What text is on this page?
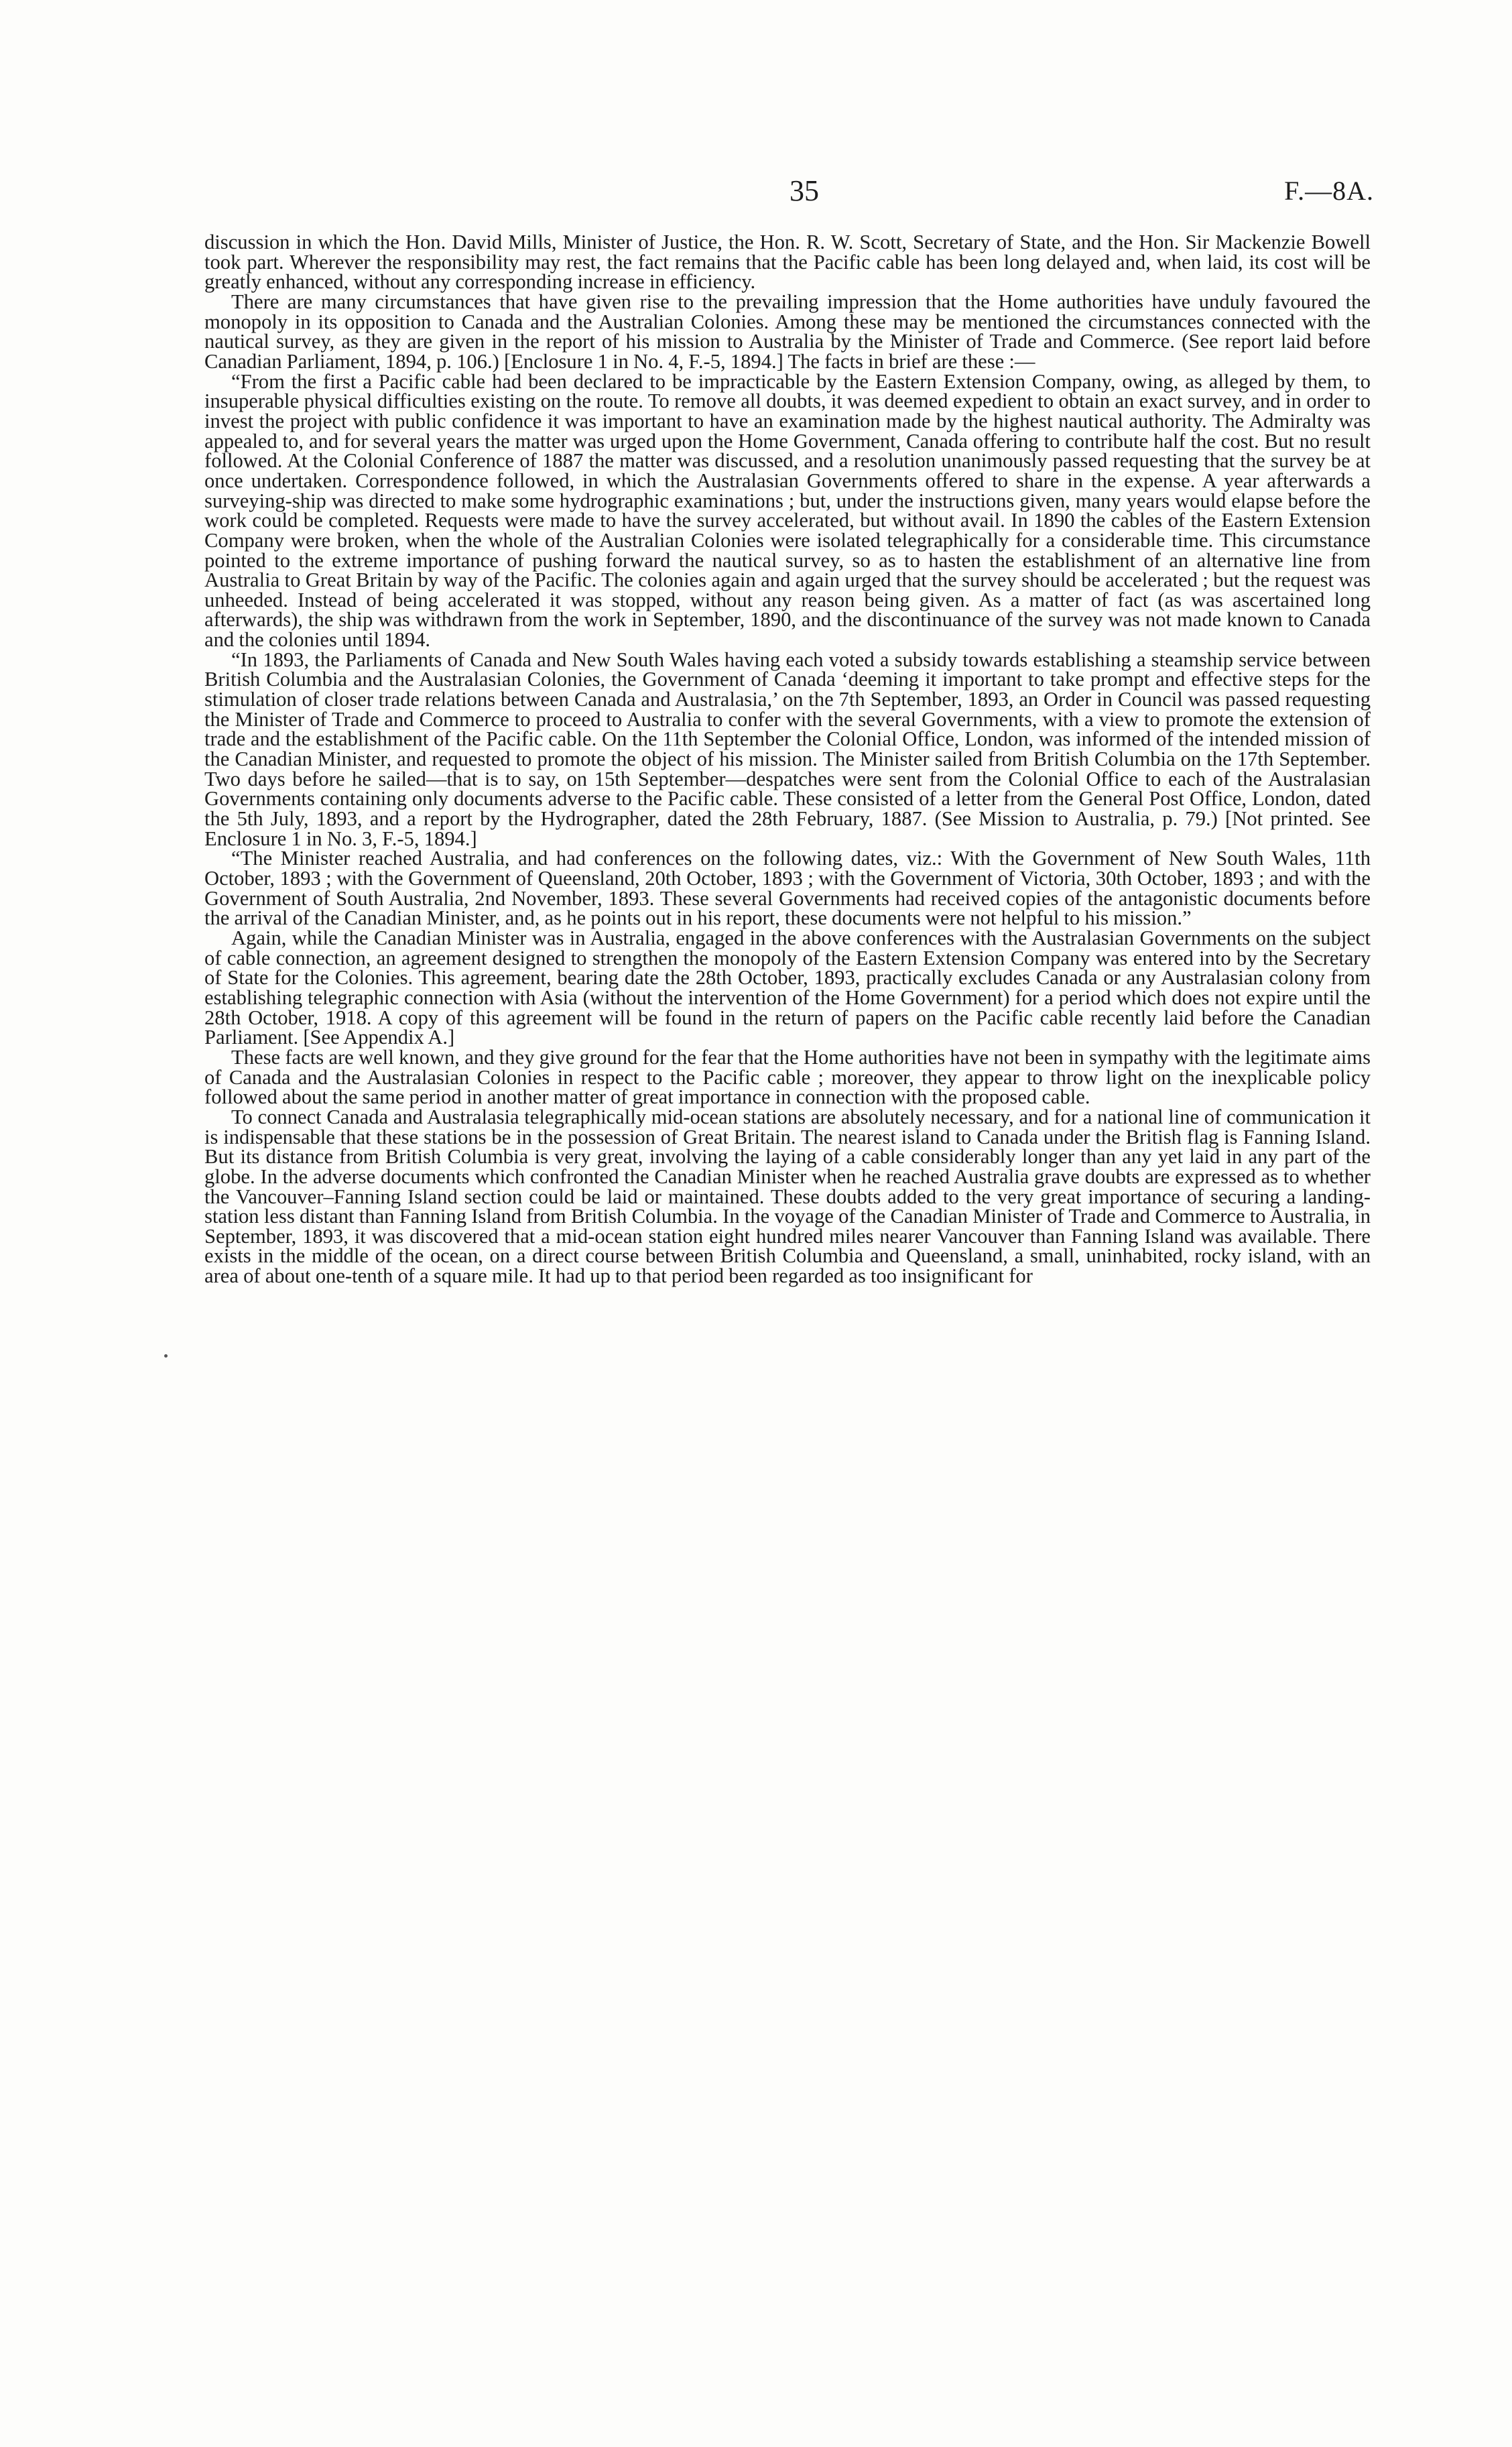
35	F.—8A.

discussion in which the Hon. David Mills, Minister of Justice, the Hon. R. W. Scott, Secretary of State, and the Hon. Sir Mackenzie Bowell took part. Wherever the responsibility may rest, the fact remains that the Pacific cable has been long delayed and, when laid, its cost will be greatly enhanced, without any corresponding increase in efficiency.

There are many circumstances that have given rise to the prevailing impression that the Home authorities have unduly favoured the monopoly in its opposition to Canada and the Australian Colonies. Among these may be mentioned the circumstances connected with the nautical survey, as they are given in the report of his mission to Australia by the Minister of Trade and Commerce. (See report laid before Canadian Parliament, 1894, p. 106.) [Enclosure 1 in No. 4, F.-5, 1894.] The facts in brief are these :—

“From the first a Pacific cable had been declared to be impracticable by the Eastern Extension Company, owing, as alleged by them, to insuperable physical difficulties existing on the route. To remove all doubts, it was deemed expedient to obtain an exact survey, and in order to invest the project with public confidence it was important to have an examination made by the highest nautical authority. The Admiralty was appealed to, and for several years the matter was urged upon the Home Government, Canada offering to contribute half the cost. But no result followed. At the Colonial Conference of 1887 the matter was discussed, and a resolution unanimously passed requesting that the survey be at once undertaken. Correspondence followed, in which the Australasian Governments offered to share in the expense. A year afterwards a surveying-ship was directed to make some hydrographic examinations ; but, under the instructions given, many years would elapse before the work could be completed. Requests were made to have the survey accelerated, but without avail. In 1890 the cables of the Eastern Extension Company were broken, when the whole of the Australian Colonies were isolated telegraphically for a considerable time. This circumstance pointed to the extreme importance of pushing forward the nautical survey, so as to hasten the establishment of an alternative line from Australia to Great Britain by way of the Pacific. The colonies again and again urged that the survey should be accelerated ; but the request was unheeded. Instead of being accelerated it was stopped, without any reason being given. As a matter of fact (as was ascertained long afterwards), the ship was withdrawn from the work in September, 1890, and the discontinuance of the survey was not made known to Canada and the colonies until 1894.

“In 1893, the Parliaments of Canada and New South Wales having each voted a subsidy towards establishing a steamship service between British Columbia and the Australasian Colonies, the Government of Canada ‘deeming it important to take prompt and effective steps for the stimulation of closer trade relations between Canada and Australasia,’ on the 7th September, 1893, an Order in Council was passed requesting the Minister of Trade and Commerce to proceed to Australia to confer with the several Governments, with a view to promote the extension of trade and the establishment of the Pacific cable. On the 11th September the Colonial Office, London, was informed of the intended mission of the Canadian Minister, and requested to promote the object of his mission. The Minister sailed from British Columbia on the 17th September. Two days before he sailed—that is to say, on 15th September—despatches were sent from the Colonial Office to each of the Australasian Governments containing only documents adverse to the Pacific cable. These consisted of a letter from the General Post Office, London, dated the 5th July, 1893, and a report by the Hydrographer, dated the 28th February, 1887. (See Mission to Australia, p. 79.) [Not printed. See Enclosure 1 in No. 3, F.-5, 1894.]

“The Minister reached Australia, and had conferences on the following dates, viz.: With the Government of New South Wales, 11th October, 1893 ; with the Government of Queensland, 20th October, 1893 ; with the Government of Victoria, 30th October, 1893 ; and with the Government of South Australia, 2nd November, 1893. These several Governments had received copies of the antagonistic documents before the arrival of the Canadian Minister, and, as he points out in his report, these documents were not helpful to his mission.”

Again, while the Canadian Minister was in Australia, engaged in the above conferences with the Australasian Governments on the subject of cable connection, an agreement designed to strengthen the monopoly of the Eastern Extension Company was entered into by the Secretary of State for the Colonies. This agreement, bearing date the 28th October, 1893, practically excludes Canada or any Australasian colony from establishing telegraphic connection with Asia (without the intervention of the Home Government) for a period which does not expire until the 28th October, 1918. A copy of this agreement will be found in the return of papers on the Pacific cable recently laid before the Canadian Parliament. [See Appendix A.]

These facts are well known, and they give ground for the fear that the Home authorities have not been in sympathy with the legitimate aims of Canada and the Australasian Colonies in respect to the Pacific cable ; moreover, they appear to throw light on the inexplicable policy followed about the same period in another matter of great importance in connection with the proposed cable.

To connect Canada and Australasia telegraphically mid-ocean stations are absolutely necessary, and for a national line of communication it is indispensable that these stations be in the possession of Great Britain. The nearest island to Canada under the British flag is Fanning Island. But its distance from British Columbia is very great, involving the laying of a cable considerably longer than any yet laid in any part of the globe. In the adverse documents which confronted the Canadian Minister when he reached Australia grave doubts are expressed as to whether the Vancouver–Fanning Island section could be laid or maintained. These doubts added to the very great importance of securing a landing-station less distant than Fanning Island from British Columbia. In the voyage of the Canadian Minister of Trade and Commerce to Australia, in September, 1893, it was discovered that a mid-ocean station eight hundred miles nearer Vancouver than Fanning Island was available. There exists in the middle of the ocean, on a direct course between British Columbia and Queensland, a small, uninhabited, rocky island, with an area of about one-tenth of a square mile. It had up to that period been regarded as too insignificant for
